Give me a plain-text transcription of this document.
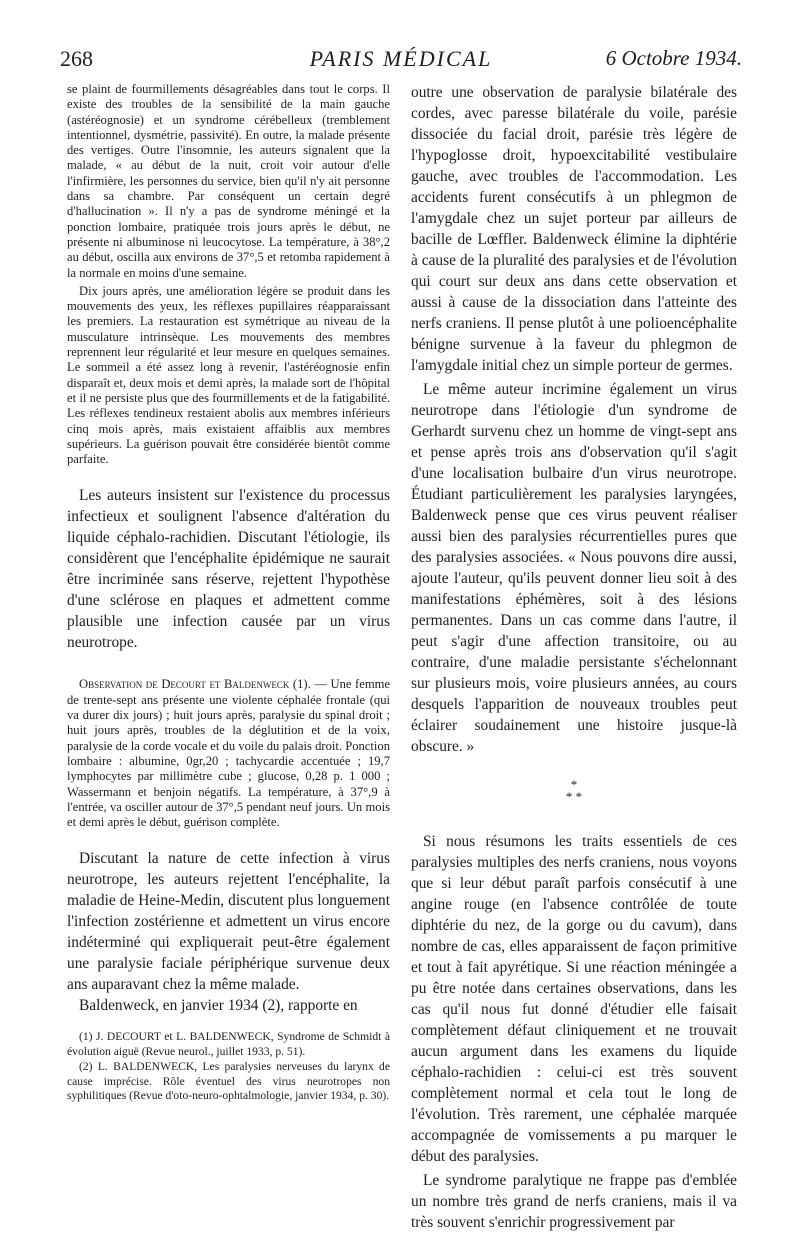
268	PARIS MÉDICAL	6 Octobre 1934.

se plaint de fourmillements désagréables dans tout le corps. Il existe des troubles de la sensibilité de la main gauche (astéréognosie) et un syndrome cérébelleux (tremblement intentionnel, dysmétrie, passivité). En outre, la malade présente des vertiges. Outre l'insomnie, les auteurs signalent que la malade, « au début de la nuit, croit voir autour d'elle l'infirmière, les personnes du service, bien qu'il n'y ait personne dans sa chambre. Par conséquent un certain degré d'hallucination ». Il n'y a pas de syndrome méningé et la ponction lombaire, pratiquée trois jours après le début, ne présente ni albuminose ni leucocytose. La température, à 38°,2 au début, oscilla aux environs de 37°,5 et retomba rapidement à la normale en moins d'une semaine.

Dix jours après, une amélioration légère se produit dans les mouvements des yeux, les réflexes pupillaires réapparaissant les premiers. La restauration est symétrique au niveau de la musculature intrinsèque. Les mouvements des membres reprennent leur régularité et leur mesure en quelques semaines. Le sommeil a été assez long à revenir, l'astéréognosie enfin disparaît et, deux mois et demi après, la malade sort de l'hôpital et il ne persiste plus que des fourmillements et de la fatigabilité. Les réflexes tendineux restaient abolis aux membres inférieurs cinq mois après, mais existaient affaiblis aux membres supérieurs. La guérison pouvait être considérée bientôt comme parfaite.

Les auteurs insistent sur l'existence du processus infectieux et soulignent l'absence d'altération du liquide céphalo-rachidien. Discutant l'étiologie, ils considèrent que l'encéphalite épidémique ne saurait être incriminée sans réserve, rejettent l'hypothèse d'une sclérose en plaques et admettent comme plausible une infection causée par un virus neurotrope.

Observation de Decourt et Baldenweck (1). — Une femme de trente-sept ans présente une violente céphalée frontale (qui va durer dix jours) ; huit jours après, paralysie du spinal droit ; huit jours après, troubles de la déglutition et de la voix, paralysie de la corde vocale et du voile du palais droit. Ponction lombaire : albumine, 0gr,20 ; tachycardie accentuée ; 19,7 lymphocytes par millimètre cube ; glucose, 0,28 p. 1 000 ; Wassermann et benjoin négatifs. La température, à 37°,9 à l'entrée, va osciller autour de 37°,5 pendant neuf jours. Un mois et demi après le début, guérison complète.

Discutant la nature de cette infection à virus neurotrope, les auteurs rejettent l'encéphalite, la maladie de Heine-Medin, discutent plus longuement l'infection zostérienne et admettent un virus encore indéterminé qui expliquerait peut-être également une paralysie faciale périphérique survenue deux ans auparavant chez la même malade.

Baldenweck, en janvier 1934 (2), rapporte en

(1) J. DECOURT et L. BALDENWECK, Syndrome de Schmidt à évolution aiguë (Revue neurol., juillet 1933, p. 51).

(2) L. BALDENWECK, Les paralysies nerveuses du larynx de cause imprécise. Rôle éventuel des virus neurotropes non syphilitiques (Revue d'oto-neuro-ophtalmologie, janvier 1934, p. 30).

outre une observation de paralysie bilatérale des cordes, avec paresse bilatérale du voile, parésie dissociée du facial droit, parésie très légère de l'hypoglosse droit, hypoexcitabilité vestibulaire gauche, avec troubles de l'accommodation. Les accidents furent consécutifs à un phlegmon de l'amygdale chez un sujet porteur par ailleurs de bacille de Lœffler. Baldenweck élimine la diphtérie à cause de la pluralité des paralysies et de l'évolution qui court sur deux ans dans cette observation et aussi à cause de la dissociation dans l'atteinte des nerfs craniens. Il pense plutôt à une polioencéphalite bénigne survenue à la faveur du phlegmon de l'amygdale initial chez un simple porteur de germes.

Le même auteur incrimine également un virus neurotrope dans l'étiologie d'un syndrome de Gerhardt survenu chez un homme de vingt-sept ans et pense après trois ans d'observation qu'il s'agit d'une localisation bulbaire d'un virus neurotrope. Étudiant particulièrement les paralysies laryngées, Baldenweck pense que ces virus peuvent réaliser aussi bien des paralysies récurrentielles pures que des paralysies associées. « Nous pouvons dire aussi, ajoute l'auteur, qu'ils peuvent donner lieu soit à des manifestations éphémères, soit à des lésions permanentes. Dans un cas comme dans l'autre, il peut s'agir d'une affection transitoire, ou au contraire, d'une maladie persistante s'échelonnant sur plusieurs mois, voire plusieurs années, au cours desquels l'apparition de nouveaux troubles peut éclairer soudainement une histoire jusque-là obscure. »

*
* *

Si nous résumons les traits essentiels de ces paralysies multiples des nerfs craniens, nous voyons que si leur début paraît parfois consécutif à une angine rouge (en l'absence contrôlée de toute diphtérie du nez, de la gorge ou du cavum), dans nombre de cas, elles apparaissent de façon primitive et tout à fait apyrétique. Si une réaction méningée a pu être notée dans certaines observations, dans les cas qu'il nous fut donné d'étudier elle faisait complètement défaut cliniquement et ne trouvait aucun argument dans les examens du liquide céphalo-rachidien : celui-ci est très souvent complètement normal et cela tout le long de l'évolution. Très rarement, une céphalée marquée accompagnée de vomissements a pu marquer le début des paralysies.

Le syndrome paralytique ne frappe pas d'emblée un nombre très grand de nerfs craniens, mais il va très souvent s'enrichir progressivement par
